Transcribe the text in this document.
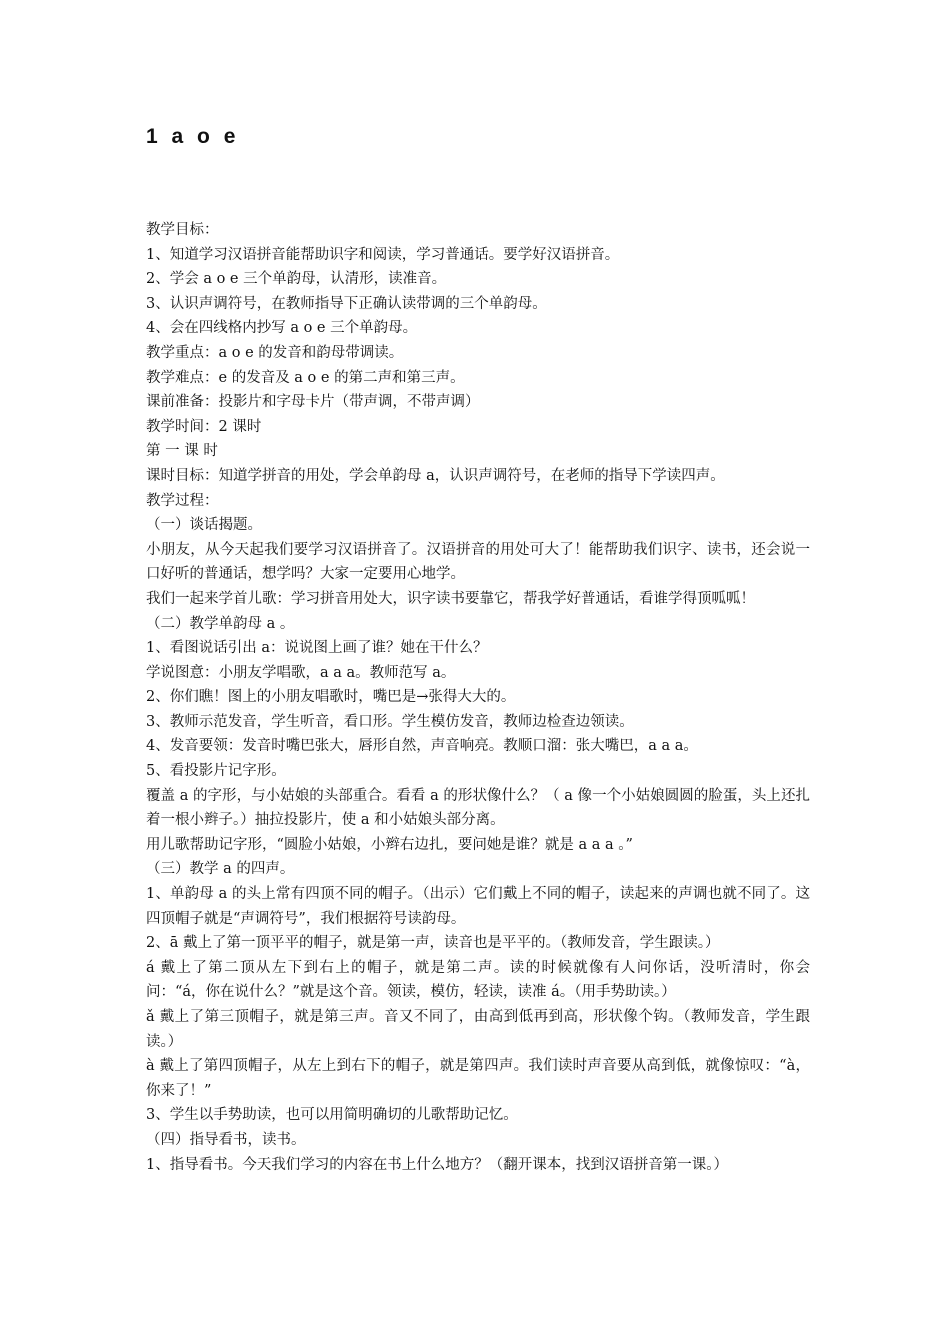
1 a o e

教学目标：

1、知道学习汉语拼音能帮助识字和阅读，学习普通话。要学好汉语拼音。

2、学会 a o e 三个单韵母，认清形，读准音。

3、认识声调符号，在教师指导下正确认读带调的三个单韵母。

4、会在四线格内抄写 a o e 三个单韵母。

教学重点：a o e 的发音和韵母带调读。

教学难点：e 的发音及 a o e 的第二声和第三声。

课前准备：投影片和字母卡片（带声调，不带声调）

教学时间：2 课时

第 一 课 时

课时目标：知道学拼音的用处，学会单韵母 a，认识声调符号，在老师的指导下学读四声。

教学过程：

（一）谈话揭题。

小朋友，从今天起我们要学习汉语拼音了。汉语拼音的用处可大了！能帮助我们识字、读书，还会说一口好听的普通话，想学吗？大家一定要用心地学。

我们一起来学首儿歌：学习拼音用处大，识字读书要靠它，帮我学好普通话，看谁学得顶呱呱！

（二）教学单韵母 a 。

1、看图说话引出 a：说说图上画了谁？她在干什么？

学说图意：小朋友学唱歌，a a a。教师范写 a。

2、你们瞧！图上的小朋友唱歌时，嘴巴是→张得大大的。

3、教师示范发音，学生听音，看口形。学生模仿发音，教师边检查边领读。

4、发音要领：发音时嘴巴张大，唇形自然，声音响亮。教顺口溜：张大嘴巴，a a a。

5、看投影片记字形。

覆盖 a 的字形，与小姑娘的头部重合。看看 a 的形状像什么？（ a 像一个小姑娘圆圆的脸蛋，头上还扎着一根小辫子。）抽拉投影片，使 a 和小姑娘头部分离。

用儿歌帮助记字形，“圆脸小姑娘，小辫右边扎，要问她是谁？就是 a a a 。”

（三）教学 a 的四声。

1、单韵母 a 的头上常有四顶不同的帽子。（出示）它们戴上不同的帽子，读起来的声调也就不同了。这四顶帽子就是“声调符号”，我们根据符号读韵母。

2、ā 戴上了第一顶平平的帽子，就是第一声，读音也是平平的。（教师发音，学生跟读。）

á 戴上了第二顶从左下到右上的帽子，就是第二声。读的时候就像有人问你话，没听清时，你会问：“á，你在说什么？”就是这个音。领读，模仿，轻读，读准 á。（用手势助读。）

ǎ 戴上了第三顶帽子，就是第三声。音又不同了，由高到低再到高，形状像个钩。（教师发音，学生跟读。）

à 戴上了第四顶帽子，从左上到右下的帽子，就是第四声。我们读时声音要从高到低，就像惊叹：“à，你来了！”

3、学生以手势助读，也可以用简明确切的儿歌帮助记忆。

（四）指导看书，读书。

1、指导看书。今天我们学习的内容在书上什么地方？（翻开课本，找到汉语拼音第一课。）
